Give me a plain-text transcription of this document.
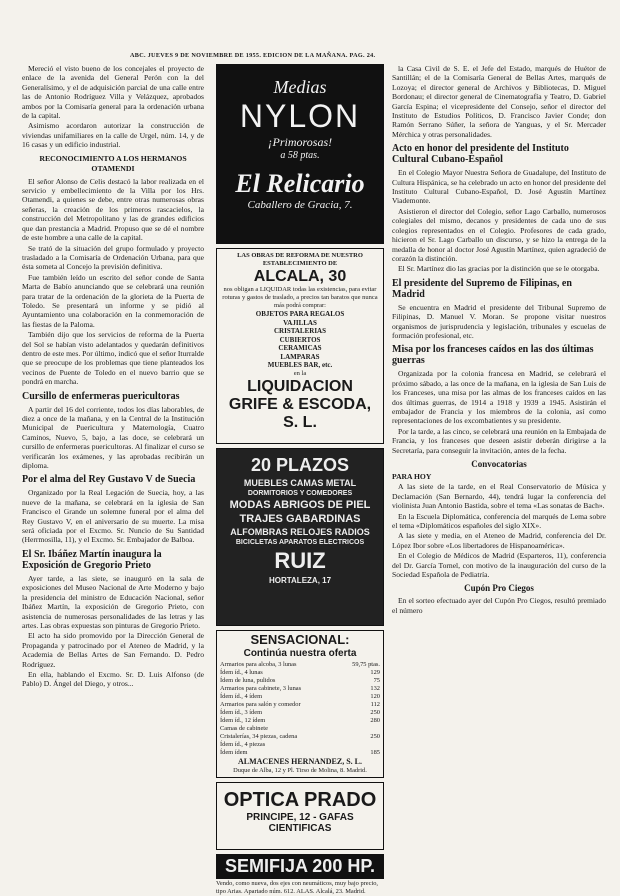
ABC. JUEVES 9 DE NOVIEMBRE DE 1955. EDICION DE LA MAÑANA. PAG. 24.

Mereció el visto bueno de los concejales el proyecto de enlace de la avenida del General Perón con la del Generalísimo, y el de adquisición parcial de una calle entre las de Antonio Rodríguez Villa y Velázquez, aprobados ambos por la Comisaría general para la ordenación urbana de la capital.

Asimismo acordaron autorizar la construcción de viviendas unifamiliares en la calle de Urgel, núm. 14, y de 16 casas y un edificio industrial.

RECONOCIMIENTO A LOS HERMANOS OTAMENDI

El señor Alonso de Celis destacó la labor realizada en el servicio y embellecimiento de la Villa por los Hrs. Otamendi, a quienes se debe, entre otras numerosas obras señeras, la creación de los primeros rascacielos, la construcción del Metropolitano y las de grandes edificios que dan prestancia a Madrid. Propuso que se dé el nombre de este hombre a una calle de la capital.

Se trató de la situación del grupo formulado y proyecto trasladado a la Comisaría de Ordenación Urbana, para que ésta someta al Concejo la previsión definitiva.

Fue también leído un escrito del señor conde de Santa Marta de Babío anunciando que se celebrará una reunión para tratar de la ordenación de la glorieta de la Puerta de Toledo. Se presentará un informe y se pidió al Ayuntamiento una colaboración en la conmemoración de las fiestas de la Paloma.

También dijo que los servicios de reforma de la Puerta del Sol se habían visto adelantados y quedarán definitivos dentro de este mes. Por último, indicó que el señor Iturralde que se preocupe de los problemas que tiene planteados los vecinos de Puente de Toledo en el nuevo barrio que se pondrá en marcha.

Cursillo de enfermeras puericultoras

A partir del 16 del corriente, todos los días laborables, de diez a once de la mañana, y en la Central de la Institución Municipal de Puericultura y Maternología, Cuatro Caminos, Nuevo, 5, bajo, a las doce, se celebrará un cursillo de enfermeras puericultoras. Al finalizar el curso se verificarán los exámenes, y las aprobadas recibirán un diploma.

Por el alma del Rey Gustavo V de Suecia

Organizado por la Real Legación de Suecia, hoy, a las nueve de la mañana, se celebrará en la iglesia de San Francisco el Grande un solemne funeral por el alma del Rey Gustavo V, en el aniversario de su muerte. La misa será oficiada por el Excmo. Sr. Nuncio de Su Santidad (Herrmosilla, 11), y el Excmo. Sr. Embajador de Balboa.

El Sr. Ibáñez Martín inaugura la Exposición de Gregorio Prieto

Ayer tarde, a las siete, se inauguró en la sala de exposiciones del Museo Nacional de Arte Moderno y bajo la presidencia del ministro de Educación Nacional, señor Ibáñez Martín, la exposición de Gregorio Prieto, con asistencia de numerosas personalidades de las letras y las artes. Las obras expuestas son pinturas de Gregorio Prieto.

El acto ha sido promovido por la Dirección General de Propaganda y patrocinado por el Ateneo de Madrid, y la Academia de Bellas Artes de San Fernando. D. Pedro Rodríguez.

En ella, hablando el Excmo. Sr. D. Luis Alfonso (de Pablo) D. Ángel del Diego, y otros...

Medias
NYLON
¡Primorosas!
a 58 ptas.
El Relicario
Caballero de Gracia, 7.
LAS OBRAS DE REFORMA DE NUESTRO ESTABLECIMIENTO DE
ALCALA, 30
nos obligan a LIQUIDAR todas las existencias, para evitar roturas y gastos de traslado, a precios tan baratos que nunca más podrá comprar:
OBJETOS PARA REGALOS
VAJILLAS
CRISTALERIAS
CUBIERTOS
CERAMICAS
LAMPARAS
MUEBLES BAR, etc.
en la
LIQUIDACION
GRIFE & ESCODA, S. L.
20 PLAZOS
MUEBLES CAMAS METAL
DORMITORIOS Y COMEDORES
MODAS ABRIGOS DE PIEL
TRAJES GABARDINAS
ALFOMBRAS RELOJES RADIOS
BICICLETAS APARATOS ELECTRICOS
RUIZ
HORTALEZA, 17
SENSACIONAL:
Continúa nuestra oferta
Armarios para alcoba, 3 lunas	59,75 ptas.
Ídem íd., 4 lunas	129
Ídem de luna, pulidos	75
Armarios para cabinete, 3 lunas	132
Ídem íd., 4 ídem	120
Armarios para salón y comedor	112
Ídem íd., 3 ídem	250
Ídem íd., 12 ídem	280
Camas de cabinete	
Cristalerías, 34 piezas, cadena	250
Ídem íd., 4 piezas	
Ídem ídem	185
ALMACENES HERNANDEZ, S. L.
Duque de Alba, 12 y Pl. Tirso de Molina, 8. Madrid.
OPTICA PRADO
PRINCIPE, 12 - GAFAS CIENTIFICAS
SEMIFIJA 200 HP.
Vendo, como nueva, dos ejes con neumáticos, muy bajo precio, tipo Arias. Apartado núm. 612. ALAS. Alcalá, 23. Madrid.

la Casa Civil de S. E. el Jefe del Estado, marqués de Huétor de Santillán; el de la Comisaría General de Bellas Artes, marqués de Lozoya; el director general de Archivos y Bibliotecas, D. Miguel Bordonau; el director general de Cinematografía y Teatro, D. Gabriel García Espina; el vicepresidente del Consejo, señor el director del Instituto de Estudios Políticos, D. Francisco Javier Conde; don Ramón Serrano Súñer, la señora de Yanguas, y el Sr. Mercader Mérchica y otras personalidades.

Acto en honor del presidente del Instituto Cultural Cubano-Español

En el Colegio Mayor Nuestra Señora de Guadalupe, del Instituto de Cultura Hispánica, se ha celebrado un acto en honor del presidente del Instituto Cultural Cubano-Español, D. José Agustín Martínez Viademonte.

Asistieron el director del Colegio, señor Lago Carballo, numerosos colegiales del mismo, decanos y presidentes de cada uno de sus colegios representados en el Colegio. Profesores de cada grado, hicieron el Sr. Lago Carballo un discurso, y se hizo la entrega de la medalla de honor al doctor José Agustín Martínez, quien agradeció de corazón la distinción.

El Sr. Martínez dio las gracias por la distinción que se le otorgaba.

El presidente del Supremo de Filipinas, en Madrid

Se encuentra en Madrid el presidente del Tribunal Supremo de Filipinas, D. Manuel V. Moran. Se propone visitar nuestros organismos de jurisprudencia y legislación, tribunales y escuelas de formación profesional, etc.

Misa por los franceses caídos en las dos últimas guerras

Organizada por la colonia francesa en Madrid, se celebrará el próximo sábado, a las once de la mañana, en la iglesia de San Luis de los Franceses, una misa por las almas de los franceses caídos en las dos últimas guerras, de 1914 a 1918 y 1939 a 1945. Asistirán el embajador de Francia y los miembros de la colonia, así como representaciones de los excombatientes y su presidente.

Por la tarde, a las cinco, se celebrará una reunión en la Embajada de Francia, y los franceses que deseen asistir deberán dirigirse a la Secretaría, para conseguir la invitación, antes de la fecha.

Convocatorias
PARA HOY

A las siete de la tarde, en el Real Conservatorio de Música y Declamación (San Bernardo, 44), tendrá lugar la conferencia del violinista Juan Antonio Bastida, sobre el tema «Las sonatas de Bach».

En la Escuela Diplomática, conferencia del marqués de Lema sobre el tema «Diplomáticos españoles del siglo XIX».

A las siete y media, en el Ateneo de Madrid, conferencia del Dr. López Ibor sobre «Los libertadores de Hispanoamérica».

En el Colegio de Médicos de Madrid (Esparteros, 11), conferencia del Dr. García Tornel, con motivo de la inauguración del curso de la Sociedad Española de Pediatría.

Cupón Pro Ciegos

En el sorteo efectuado ayer del Cupón Pro Ciegos, resultó premiado el número
